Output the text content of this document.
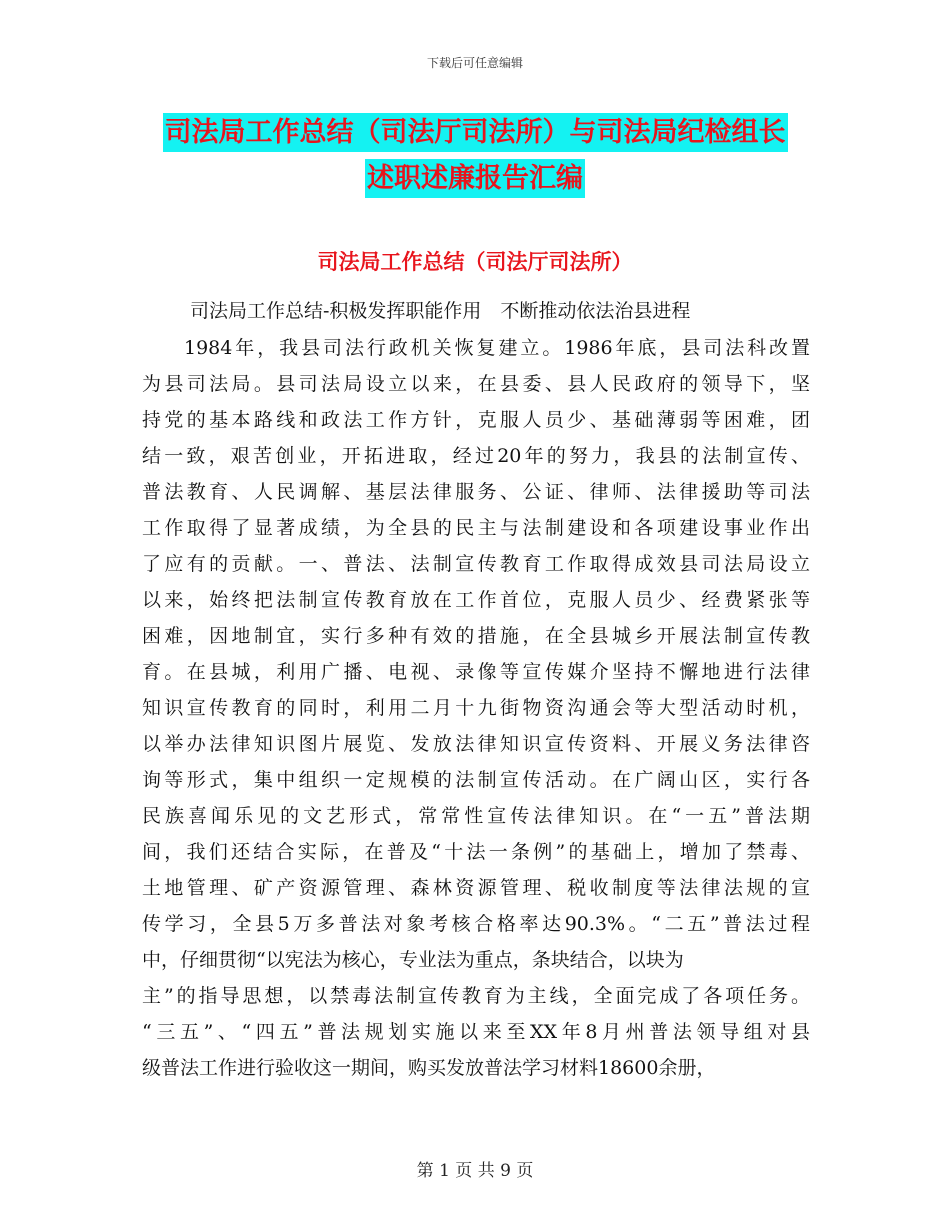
下载后可任意编辑
司法局工作总结（司法厅司法所）与司法局纪检组长
述职述廉报告汇编
司法局工作总结（司法厅司法所）
司法局工作总结-积极发挥职能作用　不断推动依法治县进程
1984年，我县司法行政机关恢复建立。1986年底，县司法科改置
为县司法局。县司法局设立以来，在县委、县人民政府的领导下，坚
持党的基本路线和政法工作方针，克服人员少、基础薄弱等困难，团
结一致，艰苦创业，开拓进取，经过20年的努力，我县的法制宣传、
普法教育、人民调解、基层法律服务、公证、律师、法律援助等司法
工作取得了显著成绩，为全县的民主与法制建设和各项建设事业作出
了应有的贡献。一、普法、法制宣传教育工作取得成效县司法局设立
以来，始终把法制宣传教育放在工作首位，克服人员少、经费紧张等
困难，因地制宜，实行多种有效的措施，在全县城乡开展法制宣传教
育。在县城，利用广播、电视、录像等宣传媒介坚持不懈地进行法律
知识宣传教育的同时，利用二月十九街物资沟通会等大型活动时机，
以举办法律知识图片展览、发放法律知识宣传资料、开展义务法律咨
询等形式，集中组织一定规模的法制宣传活动。在广阔山区，实行各
民族喜闻乐见的文艺形式，常常性宣传法律知识。在“一五”普法期
间，我们还结合实际，在普及“十法一条例”的基础上，增加了禁毒、
土地管理、矿产资源管理、森林资源管理、税收制度等法律法规的宣
传学习，全县5万多普法对象考核合格率达90.3%。“二五”普法过程
中，仔细贯彻“以宪法为核心，专业法为重点，条块结合，以块为
主”的指导思想，以禁毒法制宣传教育为主线，全面完成了各项任务。
“三五”、“四五”普法规划实施以来至XX年8月州普法领导组对县
级普法工作进行验收这一期间，购买发放普法学习材料18600余册，
第 1 页 共 9 页
